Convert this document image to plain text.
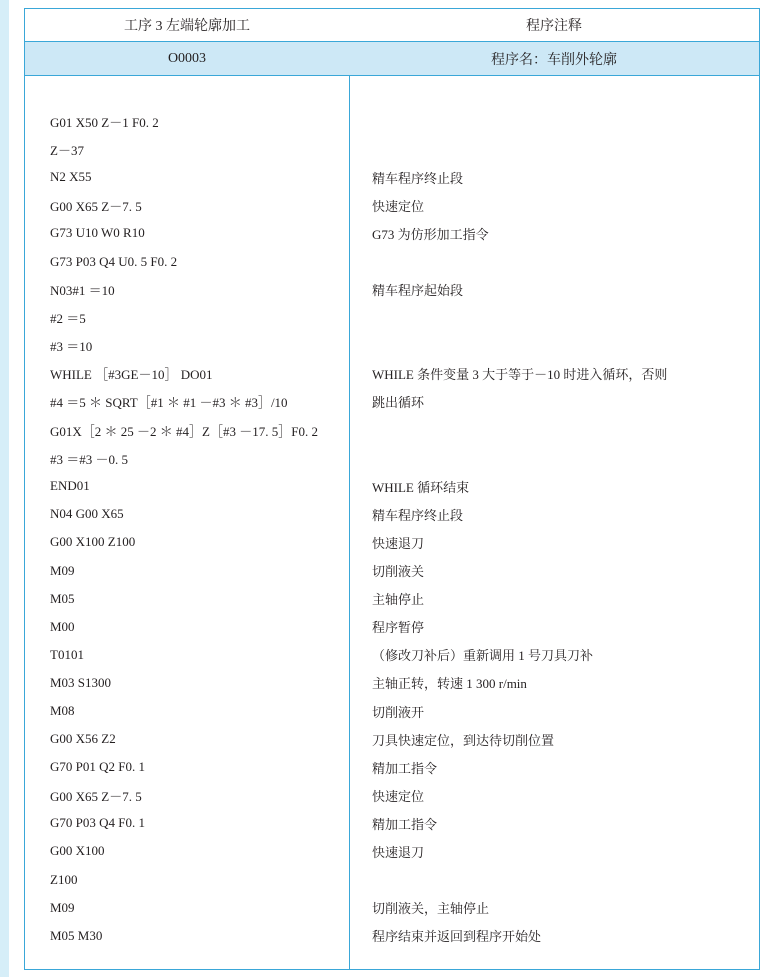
工序 3 左端轮廓加工	程序注释
O0003	程序名：车削外轮廓
G01 X50 Z－1 F0. 2
Z－37
N2 X55	精车程序终止段
G00 X65 Z－7. 5	快速定位
G73 U10 W0 R10	G73 为仿形加工指令
G73 P03 Q4 U0. 5 F0. 2
N03#1 ＝10	精车程序起始段
#2 ＝5
#3 ＝10
WHILE ［#3GE－10］ DO01	WHILE 条件变量 3 大于等于－10 时进入循环，否则
#4 ＝5 ＊ SQRT［#1 ＊ #1 －#3 ＊ #3］/10	跳出循环
G01X［2 ＊ 25 －2 ＊ #4］Z［#3 －17. 5］F0. 2
#3 ＝#3 －0. 5
END01	WHILE 循环结束
N04 G00 X65	精车程序终止段
G00 X100 Z100	快速退刀
M09	切削液关
M05	主轴停止
M00	程序暂停
T0101	（修改刀补后）重新调用 1 号刀具刀补
M03 S1300	主轴正转，转速 1 300 r/min
M08	切削液开
G00 X56 Z2	刀具快速定位，到达待切削位置
G70 P01 Q2 F0. 1	精加工指令
G00 X65 Z－7. 5	快速定位
G70 P03 Q4 F0. 1	精加工指令
G00 X100	快速退刀
Z100
M09	切削液关，主轴停止
M05 M30	程序结束并返回到程序开始处
